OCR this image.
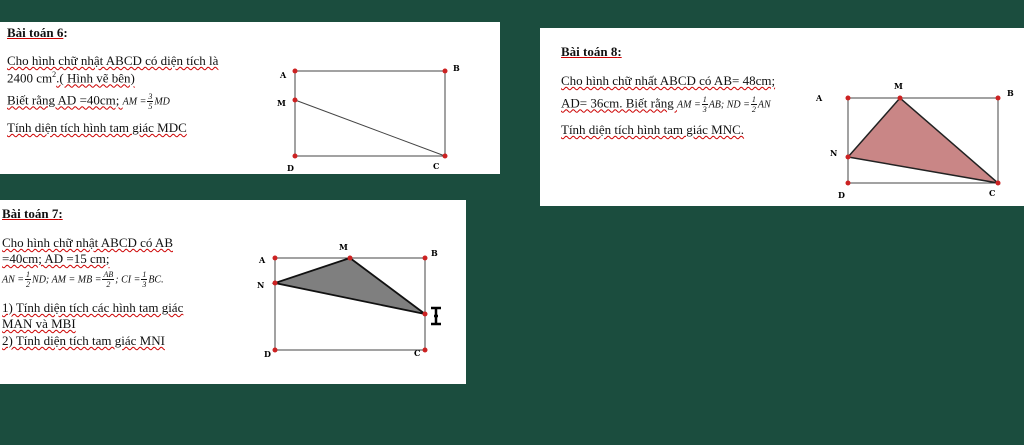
Bài toán 6:
Cho hình chữ nhật ABCD có diện tích là
2400 $cm^2$.( Hình vẽ bên)
Biết rằng AD =40cm; AM = $\frac{3}{5}$ MD
Tính diện tích hình tam giác MDC
A
B
M
D	C
Bài toán 8:
Cho hình chữ nhất ABCD có AB= 48cm;
AD= 36cm. Biết rằng AM = $\frac{1}{3}$ AB; ND = $\frac{1}{2}$ AN
Tính diện tích hình tam giác MNC.
A
M
B
N
D	C
Bài toán 7:
Cho hình chữ nhật ABCD có AB
=40cm; AD =15 cm;
AN = $\frac{1}{2}$ ND; AM = MB = $\frac{AB}{2}$ ; CI = $\frac{1}{3}$ BC.
1) Tính diện tích các hình tam giác
MAN và MBI
2) Tính diện tích tam giác MNI
A
M
B
N
D	C
